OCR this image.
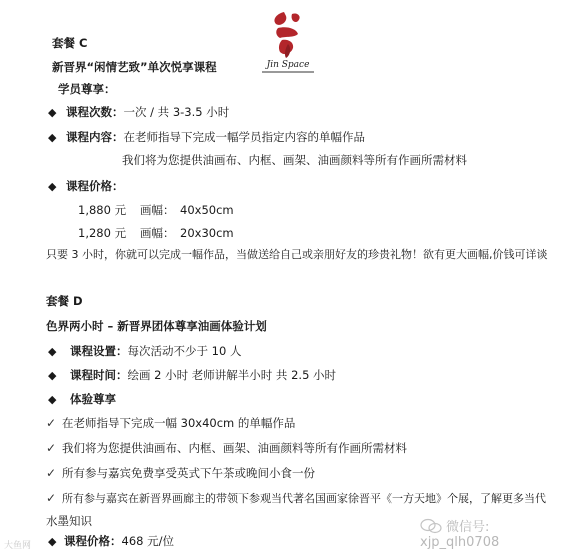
Jin Space
套餐 C
新晋界“闲情艺致”单次悦享课程
学员尊享：
◆ 课程次数：一次 / 共 3-3.5 小时
◆ 课程内容：在老师指导下完成一幅学员指定内容的单幅作品
我们将为您提供油画布、内框、画架、油画颜料等所有作画所需材料
◆ 课程价格：
1,880 元 画幅： 40x50cm
1,280 元 画幅： 20x30cm
只要 3 小时，你就可以完成一幅作品，当做送给自己或亲朋好友的珍贵礼物！欲有更大画幅,价钱可详谈
套餐 D
色界两小时 – 新晋界团体尊享油画体验计划
◆ 课程设置：每次活动不少于 10 人
◆ 课程时间：绘画 2 小时 老师讲解半小时 共 2.5 小时
◆ 体验尊享
✓ 在老师指导下完成一幅 30x40cm 的单幅作品
✓ 我们将为您提供油画布、内框、画架、油画颜料等所有作画所需材料
✓ 所有参与嘉宾免费享受英式下午茶或晚间小食一份
✓ 所有参与嘉宾在新晋界画廊主的带领下参观当代著名国画家徐晋平《一方天地》个展，了解更多当代
水墨知识
◆ 课程价格：468 元/位
微信号: xjp_qlh0708
大鱼网
